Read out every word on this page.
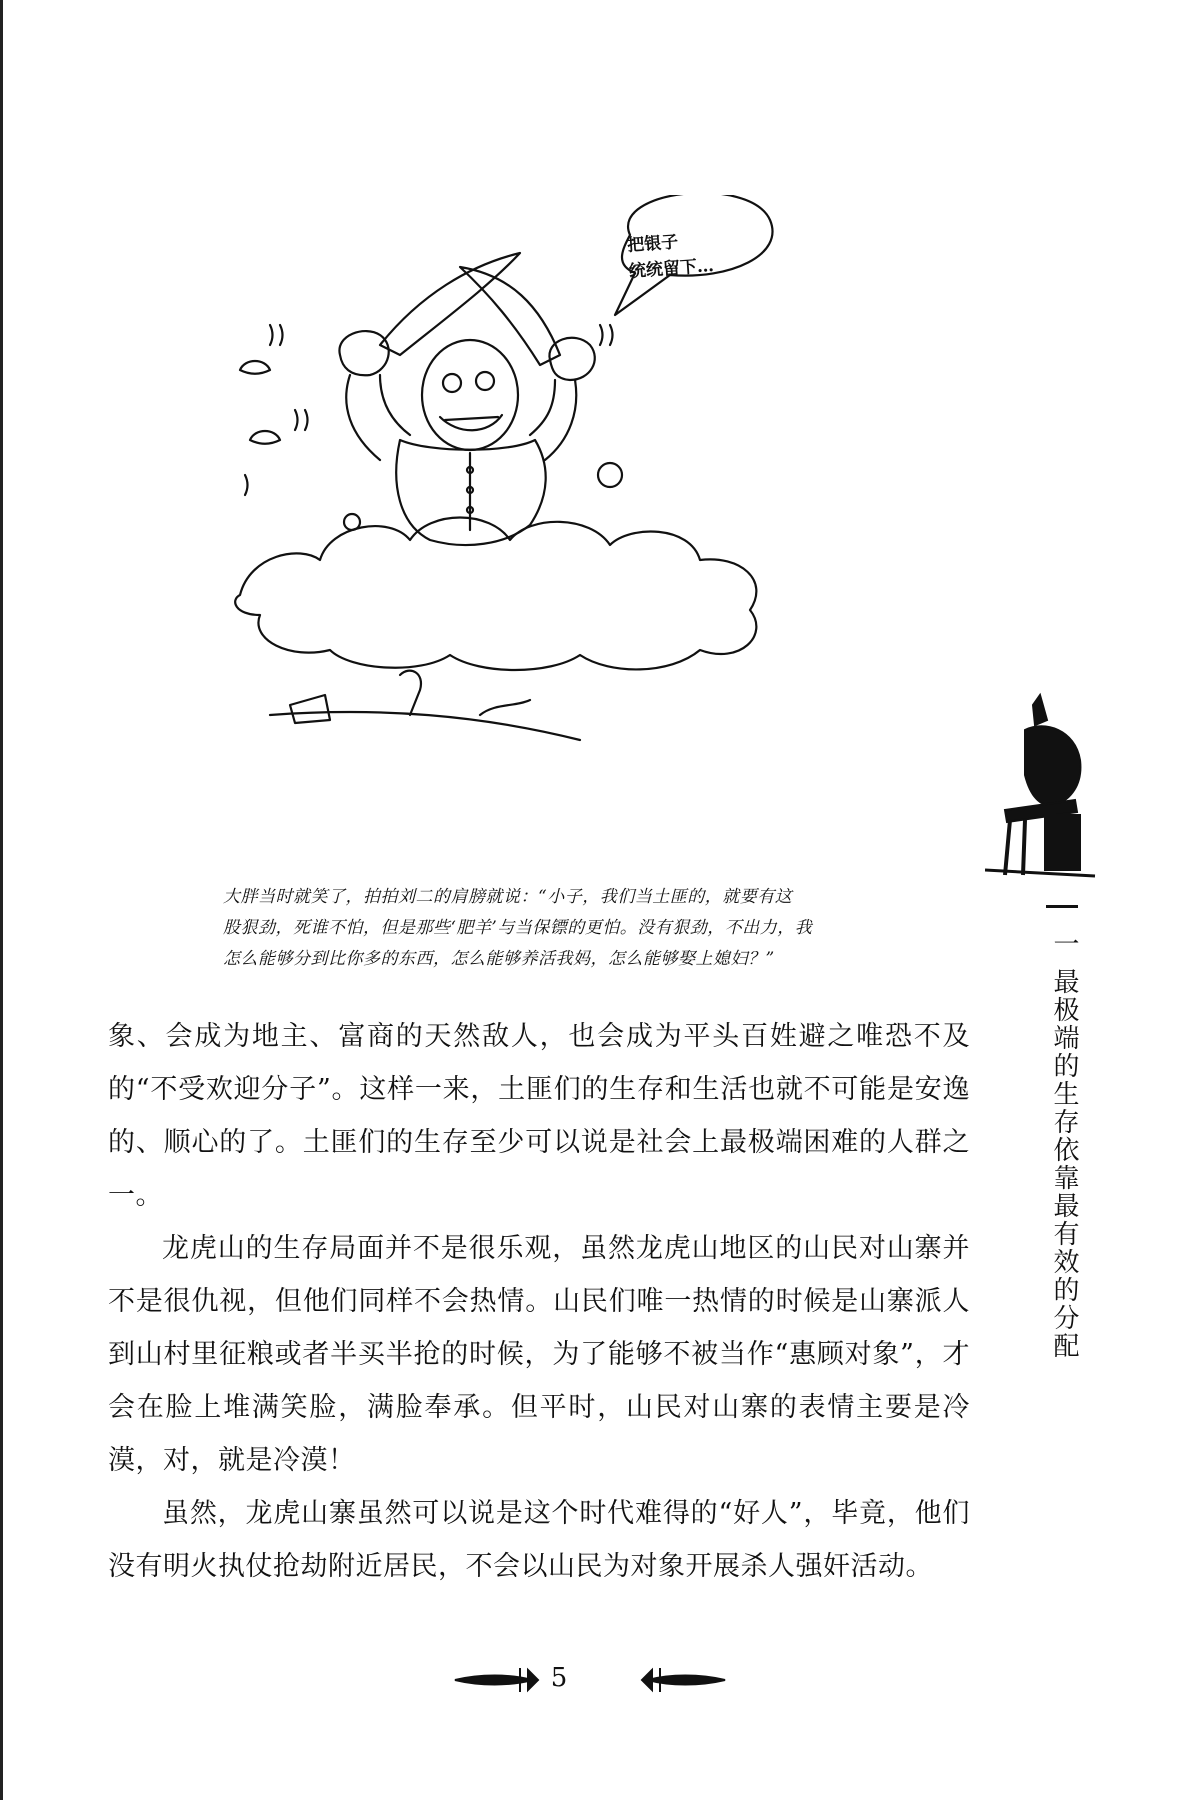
把银子
统统留下…

大胖当时就笑了，拍拍刘二的肩膀就说：“小子，我们当土匪的，就要有这

股狠劲，死谁不怕，但是那些‘肥羊’与当保镖的更怕。没有狠劲，不出力，我

怎么能够分到比你多的东西，怎么能够养活我妈，怎么能够娶上媳妇？”

象、会成为地主、富商的天然敌人，也会成为平头百姓避之唯恐不及的“不受欢迎分子”。这样一来，土匪们的生存和生活也就不可能是安逸的、顺心的了。土匪们的生存至少可以说是社会上最极端困难的人群之一。

龙虎山的生存局面并不是很乐观，虽然龙虎山地区的山民对山寨并不是很仇视，但他们同样不会热情。山民们唯一热情的时候是山寨派人到山村里征粮或者半买半抢的时候，为了能够不被当作“惠顾对象”，才会在脸上堆满笑脸，满脸奉承。但平时，山民对山寨的表情主要是冷漠，对，就是冷漠！

虽然，龙虎山寨虽然可以说是这个时代难得的“好人”，毕竟，他们没有明火执仗抢劫附近居民，不会以山民为对象开展杀人强奸活动。

一 最极端的生存依靠最有效的分配
5
